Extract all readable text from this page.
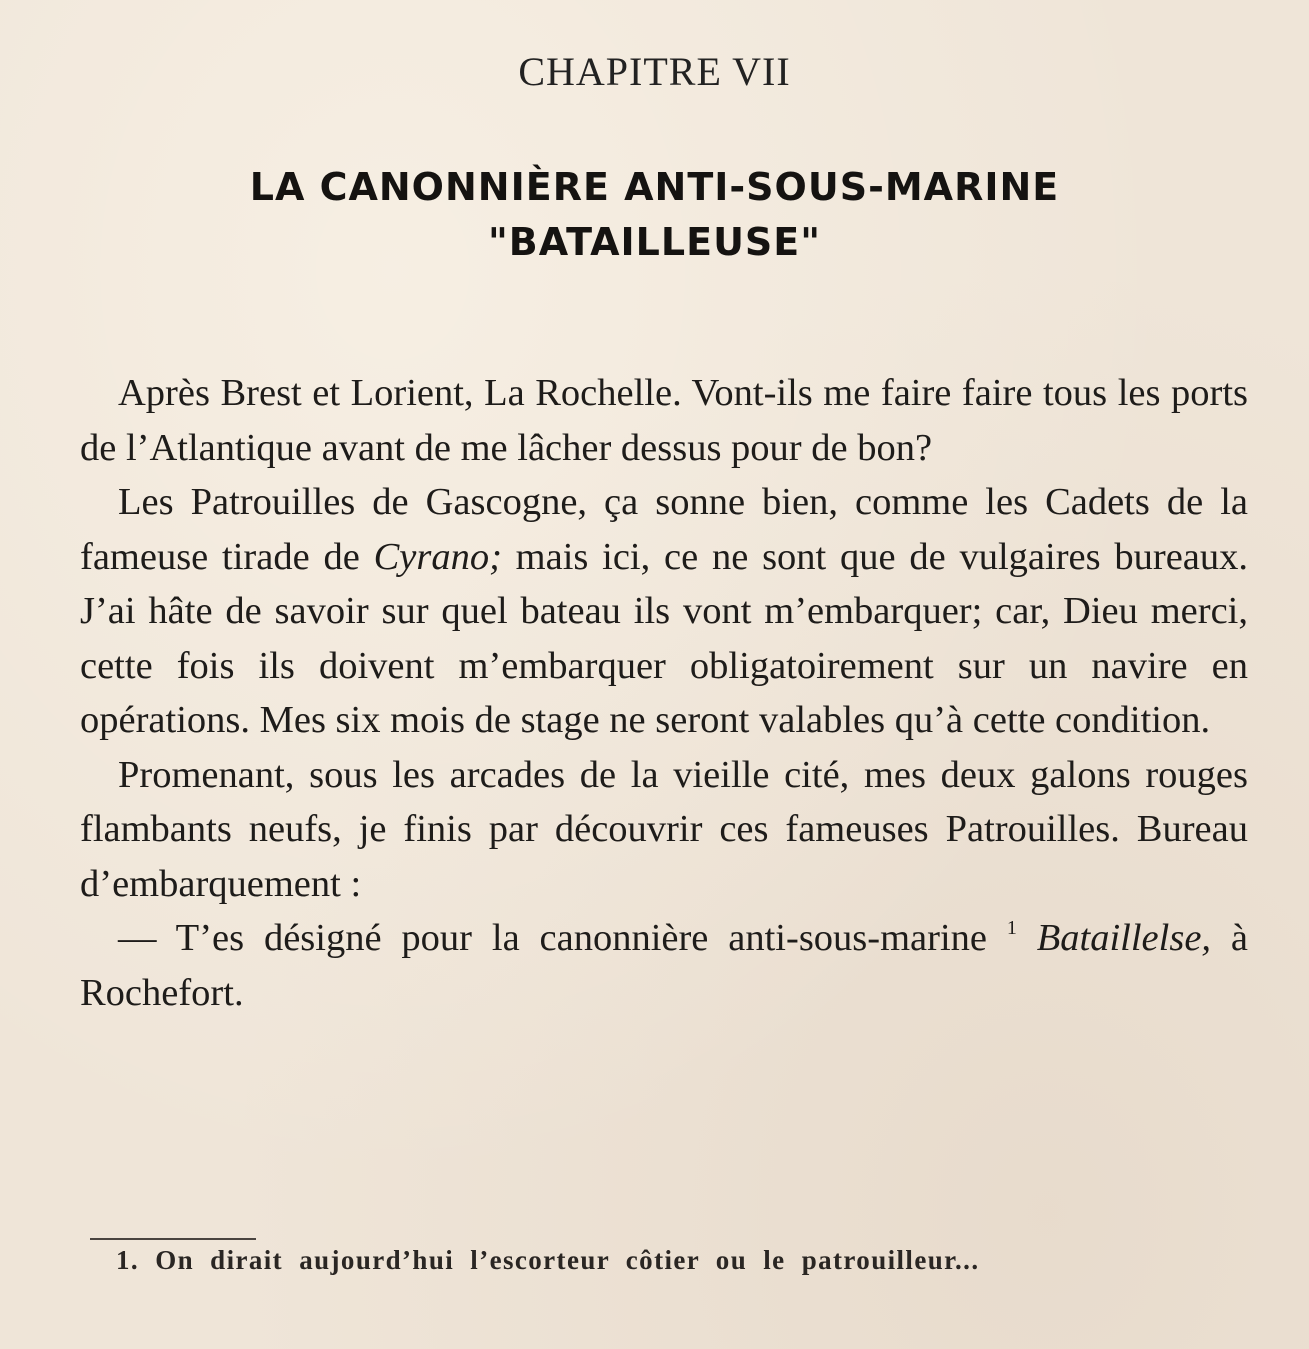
CHAPITRE VII
LA CANONNIÈRE ANTI-SOUS-MARINE
"BATAILLEUSE"

Après Brest et Lorient, La Rochelle. Vont-ils me faire faire tous les ports de l’Atlantique avant de me lâcher dessus pour de bon?

Les Patrouilles de Gascogne, ça sonne bien, comme les Cadets de la fameuse tirade de Cyrano; mais ici, ce ne sont que de vulgaires bureaux. J’ai hâte de savoir sur quel bateau ils vont m’embarquer; car, Dieu merci, cette fois ils doivent m’embarquer obligatoirement sur un navire en opérations. Mes six mois de stage ne seront valables qu’à cette condition.

Promenant, sous les arcades de la vieille cité, mes deux galons rouges flambants neufs, je finis par découvrir ces fameuses Patrouilles. Bureau d’embarquement :

— T’es désigné pour la canonnière anti-sous-marine $^1$ Bataillelse, à Rochefort.

1. On dirait aujourd’hui l’escorteur côtier ou le patrouilleur...
